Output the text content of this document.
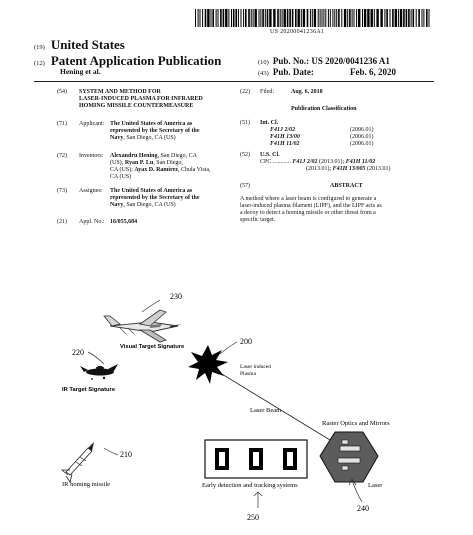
US 20200041236A1
(19) United States
(12) Patent Application Publication
Hening et al.
(10) Pub. No.: US 2020/0041236 A1
(43) Pub. Date:	Feb. 6, 2020
(54) SYSTEM AND METHOD FOR
LASER-INDUCED PLASMA FOR INFRARED
HOMING MISSILE COUNTERMEASURE
(71) Applicant: The United States of America as
represented by the Secretary of the
Navy, San Diego, CA (US)
(72) Inventors: Alexandru Hening, San Diego, CA
(US); Ryan P. Lu, San Diego,
CA (US); Ayax D. Ramirez, Chula Vista,
CA (US)
(73) Assignee: The United States of America as
represented by the Secretary of the
Navy, San Diego, CA (US)
(21) Appl. No.: 16/055,684
(22) Filed:	Aug. 6, 2018
Publication Classification
(51) Int. Cl.
F41J 2/02	(2006.01)
F41H 13/00	(2006.01)
F41H 11/02	(2006.01)
(52) U.S. Cl.
CPC ............ F41J 2/02 (2013.01); F41H 11/02
(2013.01); F41H 13/005 (2013.01)
(57)	ABSTRACT
A method where a laser beam is configured to generate a
laser-induced plasma filament (LIPF), and the LIPF acts as
a decoy to detect a homing missile or other threat from a
specific target.
230
Visual Target Signature
220
IR Target Signature
200
Laser induced
Plasma
Laser Beam
Raster Optics and Mirrors
210
IR homing missile	Early detection and tracking systems	Laser
250
240
